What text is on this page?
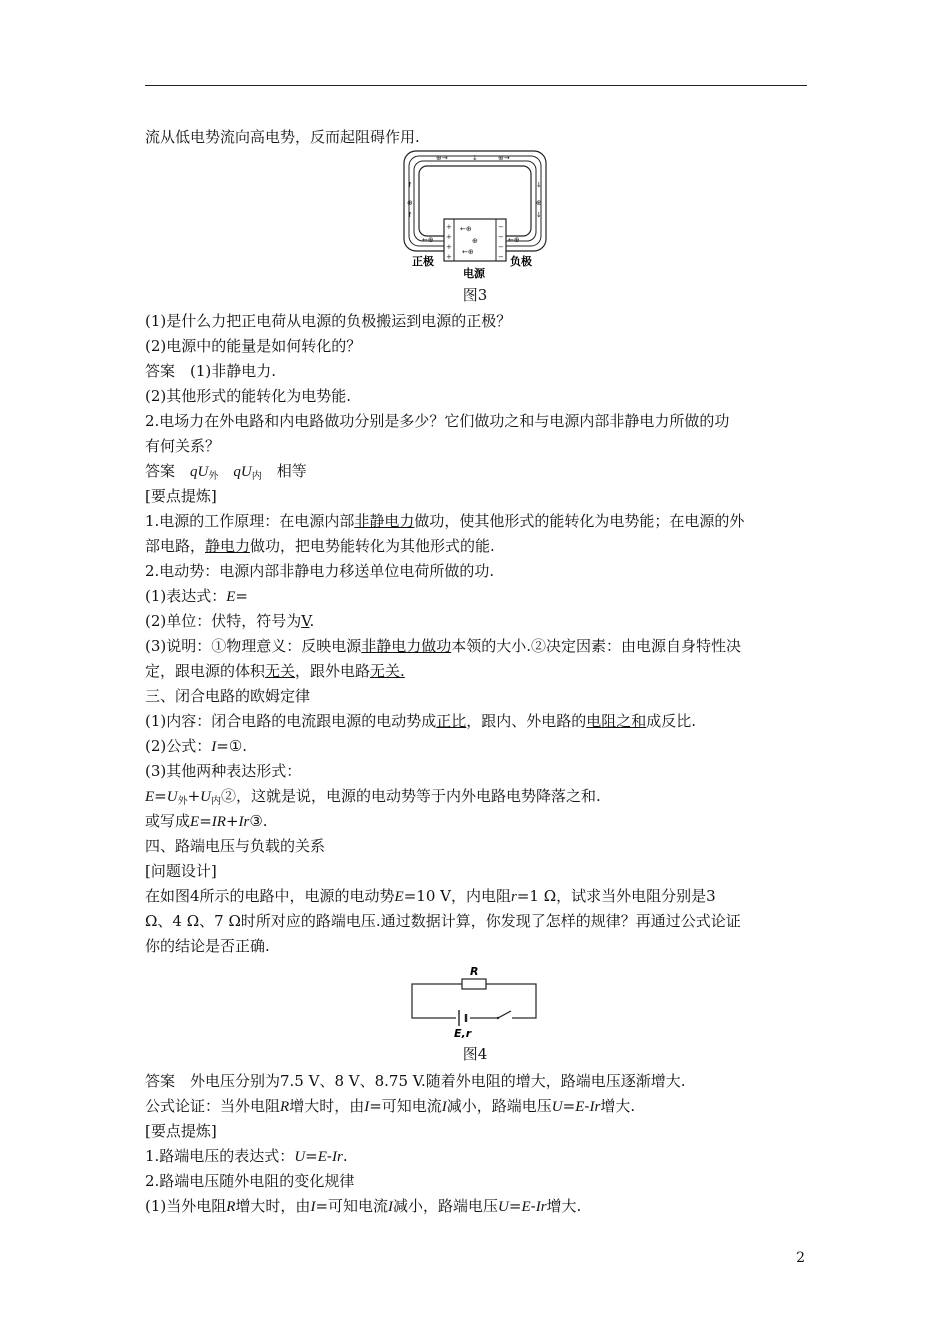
流从低电势流向高电势，反而起阻碍作用.
⊕→	⇣	⊕→
↑
⊕
↑
↓
⊕
↓
←⊕	←⊕
+
+
+
+
−
−
−
−
←⊕
⊕
←⊕
正极
电源
负极
图3
(1)是什么力把正电荷从电源的负极搬运到电源的正极？
(2)电源中的能量是如何转化的？
答案　(1)非静电力.
(2)其他形式的能转化为电势能.
2.电场力在外电路和内电路做功分别是多少？它们做功之和与电源内部非静电力所做的功
有何关系？
答案　$qU_外$　$qU_内$　相等
[要点提炼]
1.电源的工作原理：在电源内部非静电力做功，使其他形式的能转化为电势能；在电源的外
部电路，静电力做功，把电势能转化为其他形式的能.
2.电动势：电源内部非静电力移送单位电荷所做的功.
(1)表达式：E=
(2)单位：伏特，符号为V.
(3)说明：①物理意义：反映电源非静电力做功本领的大小.②决定因素：由电源自身特性决
定，跟电源的体积无关，跟外电路无关.
三、闭合电路的欧姆定律
(1)内容：闭合电路的电流跟电源的电动势成正比，跟内、外电路的电阻之和成反比.
(2)公式：I=①.
(3)其他两种表达形式：
$E=U_外+U_内②$，这就是说，电源的电动势等于内外电路电势降落之和.
或写成E=IR+Ir③.
四、路端电压与负载的关系
[问题设计]
在如图4所示的电路中，电源的电动势E=10 V，内电阻r=1 Ω，试求当外电阻分别是3
Ω、4 Ω、7 Ω时所对应的路端电压.通过数据计算，你发现了怎样的规律？再通过公式论证
你的结论是否正确.
R
E,r
图4
答案　外电压分别为7.5 V、8 V、8.75 V.随着外电阻的增大，路端电压逐渐增大.
公式论证：当外电阻R增大时，由I=可知电流I减小，路端电压U=E-Ir增大.
[要点提炼]
1.路端电压的表达式：U=E-Ir.
2.路端电压随外电阻的变化规律
(1)当外电阻R增大时，由I=可知电流I减小，路端电压U=E-Ir增大.
2
